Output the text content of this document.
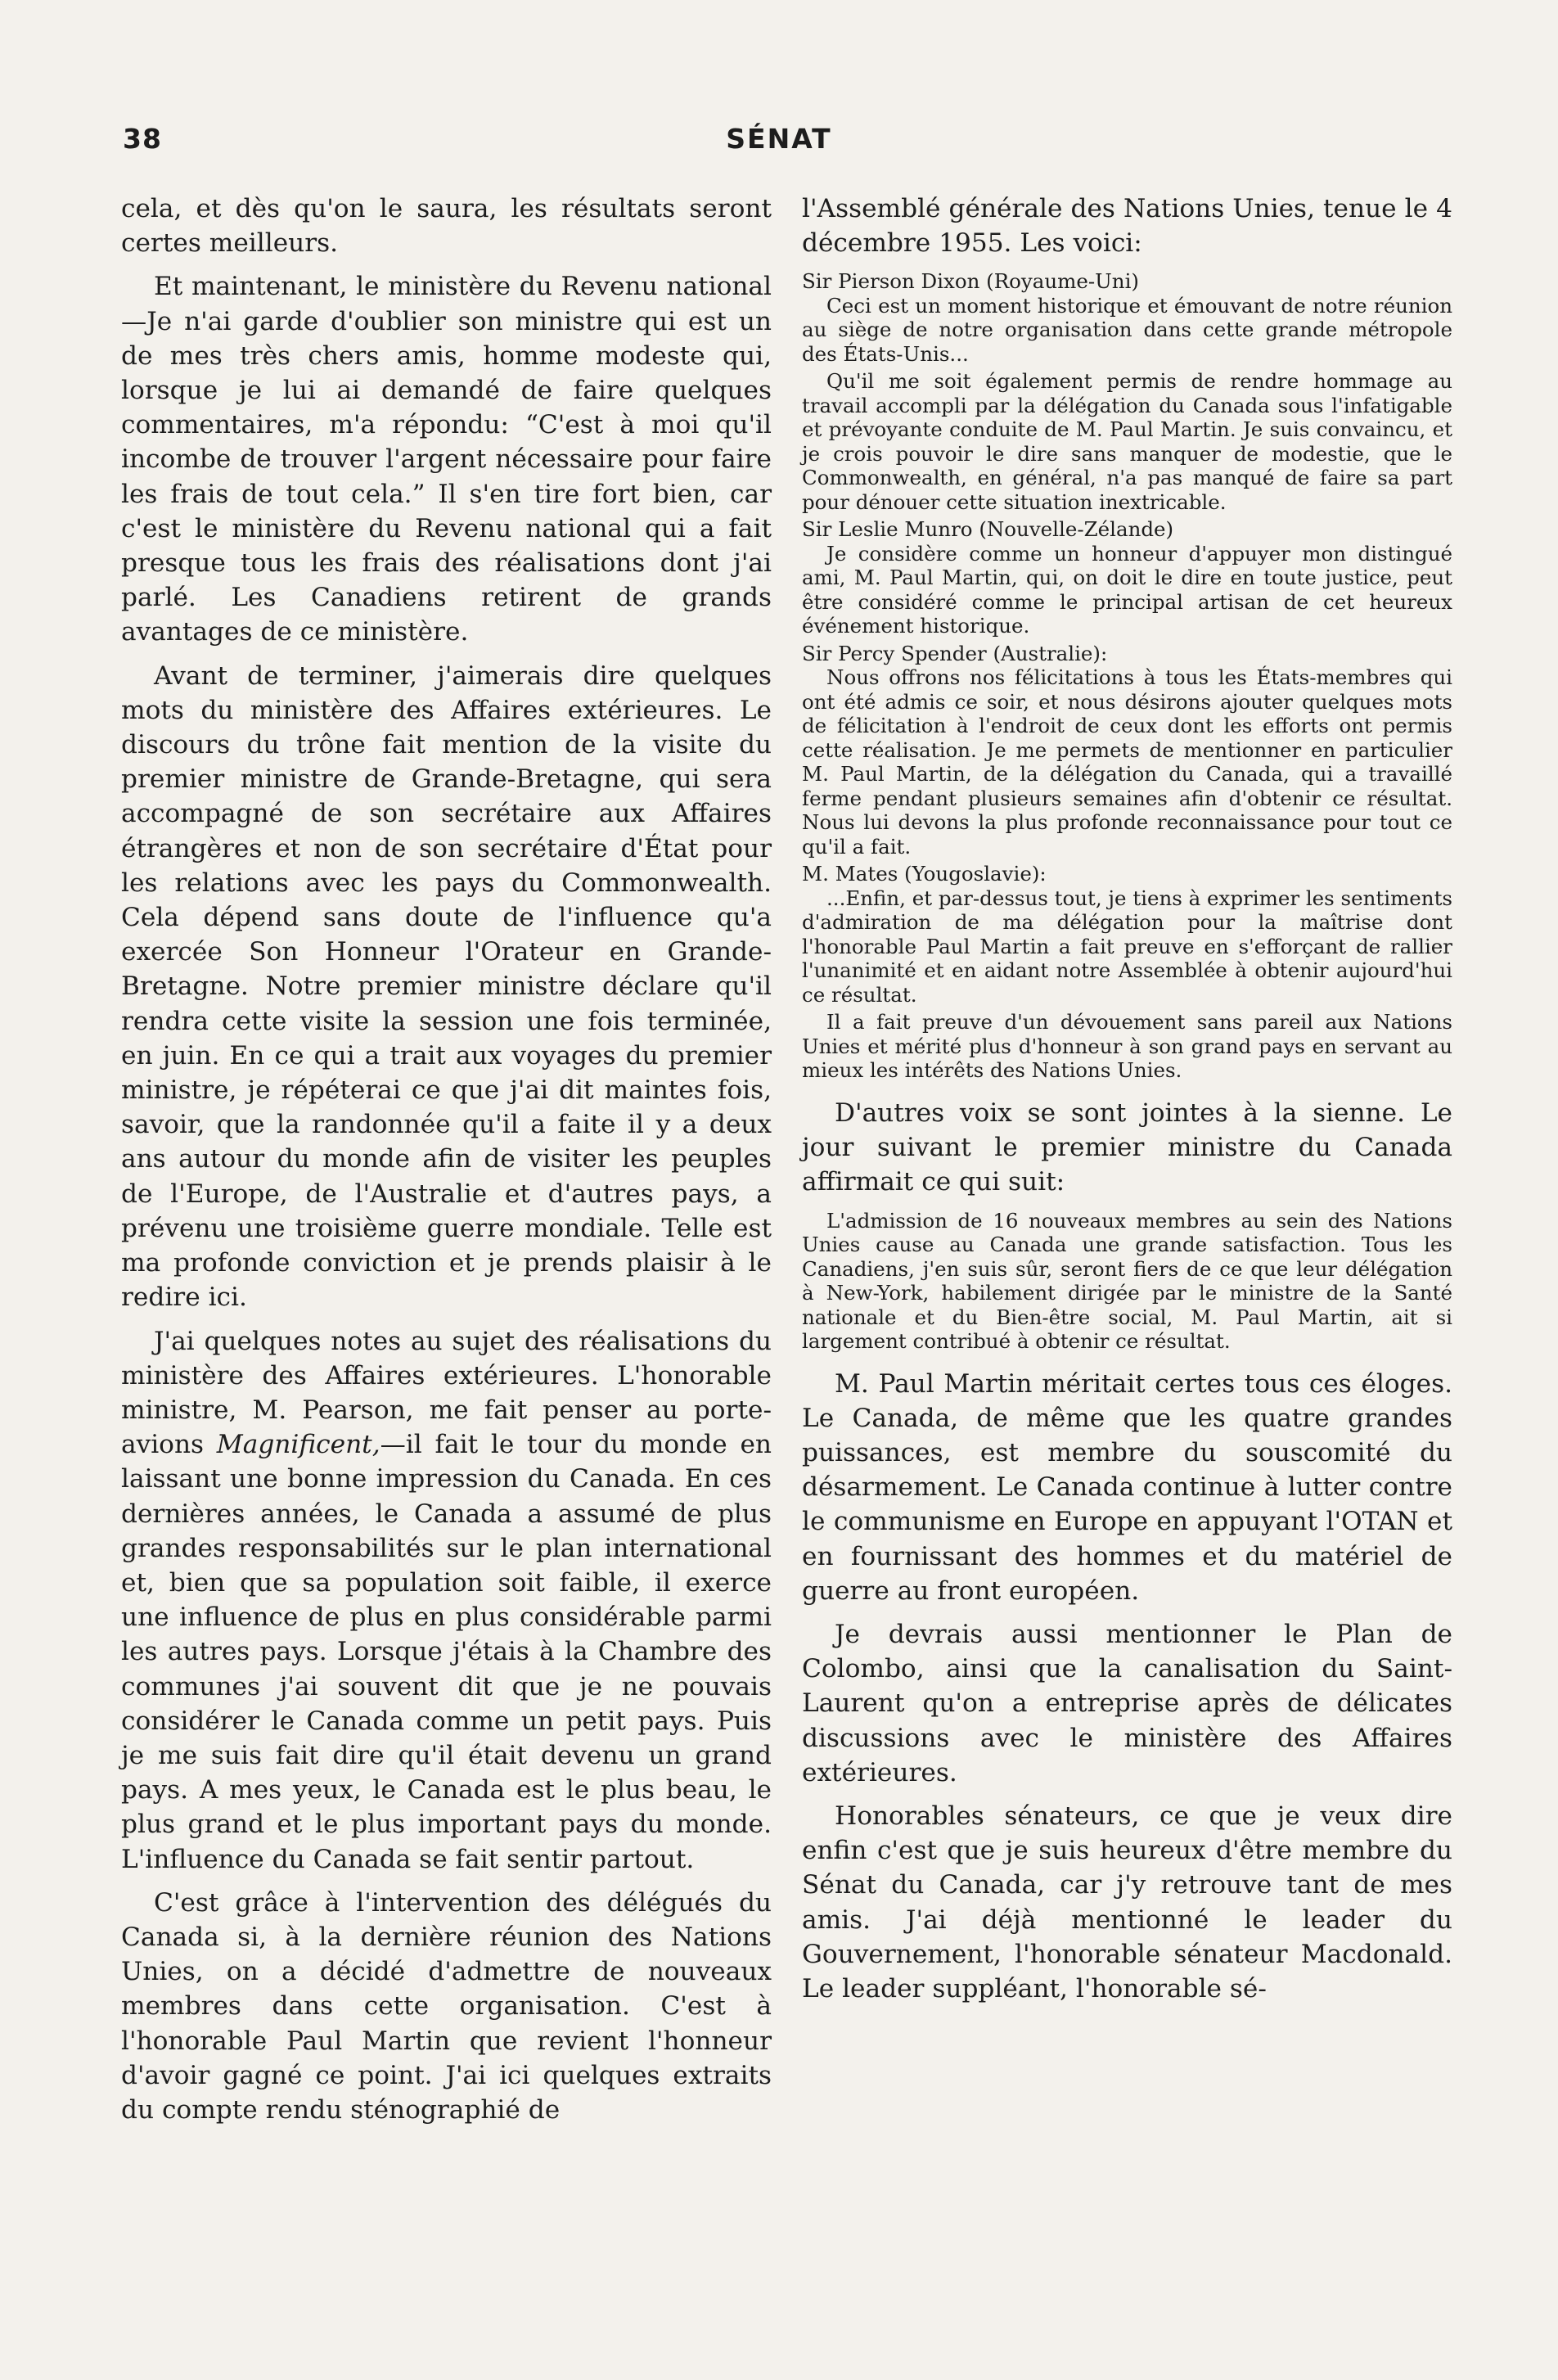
38	SÉNAT

cela, et dès qu'on le saura, les résultats seront certes meilleurs.

Et maintenant, le ministère du Revenu national—Je n'ai garde d'oublier son ministre qui est un de mes très chers amis, homme modeste qui, lorsque je lui ai demandé de faire quelques commentaires, m'a répondu: “C'est à moi qu'il incombe de trouver l'argent nécessaire pour faire les frais de tout cela.” Il s'en tire fort bien, car c'est le ministère du Revenu national qui a fait presque tous les frais des réalisations dont j'ai parlé. Les Canadiens retirent de grands avantages de ce ministère.

Avant de terminer, j'aimerais dire quelques mots du ministère des Affaires extérieures. Le discours du trône fait mention de la visite du premier ministre de Grande-Bretagne, qui sera accompagné de son secrétaire aux Affaires étrangères et non de son secrétaire d'État pour les relations avec les pays du Commonwealth. Cela dépend sans doute de l'influence qu'a exercée Son Honneur l'Orateur en Grande-Bretagne. Notre premier ministre déclare qu'il rendra cette visite la session une fois terminée, en juin. En ce qui a trait aux voyages du premier ministre, je répéterai ce que j'ai dit maintes fois, savoir, que la randonnée qu'il a faite il y a deux ans autour du monde afin de visiter les peuples de l'Europe, de l'Australie et d'autres pays, a prévenu une troisième guerre mondiale. Telle est ma profonde conviction et je prends plaisir à le redire ici.

J'ai quelques notes au sujet des réalisations du ministère des Affaires extérieures. L'honorable ministre, M. Pearson, me fait penser au porte-avions Magnificent,—il fait le tour du monde en laissant une bonne impression du Canada. En ces dernières années, le Canada a assumé de plus grandes responsabilités sur le plan international et, bien que sa population soit faible, il exerce une influence de plus en plus considérable parmi les autres pays. Lorsque j'étais à la Chambre des communes j'ai souvent dit que je ne pouvais considérer le Canada comme un petit pays. Puis je me suis fait dire qu'il était devenu un grand pays. A mes yeux, le Canada est le plus beau, le plus grand et le plus important pays du monde. L'influence du Canada se fait sentir partout.

C'est grâce à l'intervention des délégués du Canada si, à la dernière réunion des Nations Unies, on a décidé d'admettre de nouveaux membres dans cette organisation. C'est à l'honorable Paul Martin que revient l'honneur d'avoir gagné ce point. J'ai ici quelques extraits du compte rendu sténographié de

l'Assemblé générale des Nations Unies, tenue le 4 décembre 1955. Les voici:

Sir Pierson Dixon (Royaume-Uni)

Ceci est un moment historique et émouvant de notre réunion au siège de notre organisation dans cette grande métropole des États-Unis...

Qu'il me soit également permis de rendre hommage au travail accompli par la délégation du Canada sous l'infatigable et prévoyante conduite de M. Paul Martin. Je suis convaincu, et je crois pouvoir le dire sans manquer de modestie, que le Commonwealth, en général, n'a pas manqué de faire sa part pour dénouer cette situation inextricable.

Sir Leslie Munro (Nouvelle-Zélande)

Je considère comme un honneur d'appuyer mon distingué ami, M. Paul Martin, qui, on doit le dire en toute justice, peut être considéré comme le principal artisan de cet heureux événement historique.

Sir Percy Spender (Australie):

Nous offrons nos félicitations à tous les États-membres qui ont été admis ce soir, et nous désirons ajouter quelques mots de félicitation à l'endroit de ceux dont les efforts ont permis cette réalisation. Je me permets de mentionner en particulier M. Paul Martin, de la délégation du Canada, qui a travaillé ferme pendant plusieurs semaines afin d'obtenir ce résultat. Nous lui devons la plus profonde reconnaissance pour tout ce qu'il a fait.

M. Mates (Yougoslavie):

...Enfin, et par-dessus tout, je tiens à exprimer les sentiments d'admiration de ma délégation pour la maîtrise dont l'honorable Paul Martin a fait preuve en s'efforçant de rallier l'unanimité et en aidant notre Assemblée à obtenir aujourd'hui ce résultat.

Il a fait preuve d'un dévouement sans pareil aux Nations Unies et mérité plus d'honneur à son grand pays en servant au mieux les intérêts des Nations Unies.

D'autres voix se sont jointes à la sienne. Le jour suivant le premier ministre du Canada affirmait ce qui suit:

L'admission de 16 nouveaux membres au sein des Nations Unies cause au Canada une grande satisfaction. Tous les Canadiens, j'en suis sûr, seront fiers de ce que leur délégation à New-York, habilement dirigée par le ministre de la Santé nationale et du Bien-être social, M. Paul Martin, ait si largement contribué à obtenir ce résultat.

M. Paul Martin méritait certes tous ces éloges. Le Canada, de même que les quatre grandes puissances, est membre du souscomité du désarmement. Le Canada continue à lutter contre le communisme en Europe en appuyant l'OTAN et en fournissant des hommes et du matériel de guerre au front européen.

Je devrais aussi mentionner le Plan de Colombo, ainsi que la canalisation du Saint-Laurent qu'on a entreprise après de délicates discussions avec le ministère des Affaires extérieures.

Honorables sénateurs, ce que je veux dire enfin c'est que je suis heureux d'être membre du Sénat du Canada, car j'y retrouve tant de mes amis. J'ai déjà mentionné le leader du Gouvernement, l'honorable sénateur Macdonald. Le leader suppléant, l'honorable sé-
